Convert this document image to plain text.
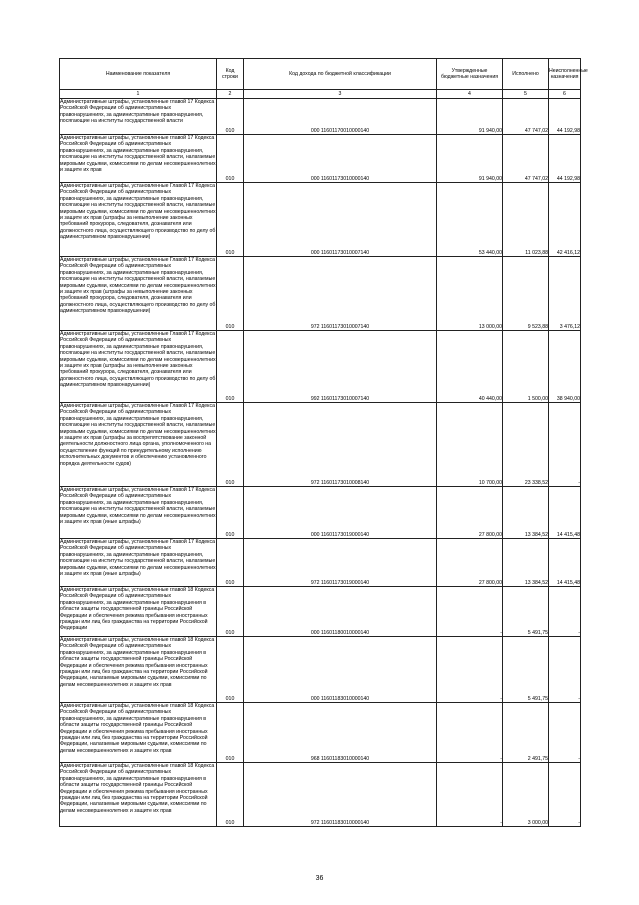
Наименование показателя	Код строки	Код дохода по бюджетной классификации	Утвержденные бюджетные назначения	Исполнено	Неисполненные назначения
1	2	3	4	5	6
Административные штрафы, установленные главой 17 Кодекса Российской Федерации об административных правонарушениях, за административные правонарушения, посягающие на институты государственной власти	010	000 11601170010000140	91 940,00	47 747,02	44 192,98
Административные штрафы, установленные главой 17 Кодекса Российской Федерации об административных правонарушениях, за административные правонарушения, посягающие на институты государственной власти, налагаемые мировыми судьями, комиссиями по делам несовершеннолетних и защите их прав	010	000 11601173010000140	91 940,00	47 747,02	44 192,98
Административные штрафы, установленные Главой 17 Кодекса Российской Федерации об административных правонарушениях, за административные правонарушения, посягающие на институты государственной власти, налагаемые мировыми судьями, комиссиями по делам несовершеннолетних и защите их прав (штрафы за невыполнение законных требований прокурора, следователя, дознавателя или должностного лица, осуществляющего производство по делу об административном правонарушении)	010	000 11601173010007140	53 440,00	11 023,88	42 416,12
Административные штрафы, установленные Главой 17 Кодекса Российской Федерации об административных правонарушениях, за административные правонарушения, посягающие на институты государственной власти, налагаемые мировыми судьями, комиссиями по делам несовершеннолетних и защите их прав (штрафы за невыполнение законных требований прокурора, следователя, дознавателя или должностного лица, осуществляющего производство по делу об административном правонарушении)	010	972 11601173010007140	13 000,00	9 523,88	3 476,12
Административные штрафы, установленные Главой 17 Кодекса Российской Федерации об административных правонарушениях, за административные правонарушения, посягающие на институты государственной власти, налагаемые мировыми судьями, комиссиями по делам несовершеннолетних и защите их прав (штрафы за невыполнение законных требований прокурора, следователя, дознавателя или должностного лица, осуществляющего производство по делу об административном правонарушении)	010	992 11601173010007140	40 440,00	1 500,00	38 940,00
Административные штрафы, установленные Главой 17 Кодекса Российской Федерации об административных правонарушениях, за административные правонарушения, посягающие на институты государственной власти, налагаемые мировыми судьями, комиссиями по делам несовершеннолетних и защите их прав (штрафы за воспрепятствование законной деятельности должностного лица органа, уполномоченного на осуществление функций по принудительному исполнению исполнительных документов и обеспечению установленного порядка деятельности судов)	010	972 11601173010008140	10 700,00	23 338,52	-
Административные штрафы, установленные Главой 17 Кодекса Российской Федерации об административных правонарушениях, за административные правонарушения, посягающие на институты государственной власти, налагаемые мировыми судьями, комиссиями по делам несовершеннолетних и защите их прав (иные штрафы)	010	000 11601173019000140	27 800,00	13 384,52	14 415,48
Административные штрафы, установленные Главой 17 Кодекса Российской Федерации об административных правонарушениях, за административные правонарушения, посягающие на институты государственной власти, налагаемые мировыми судьями, комиссиями по делам несовершеннолетних и защите их прав (иные штрафы)	010	972 11601173019000140	27 800,00	13 384,52	14 415,48
Административные штрафы, установленные главой 18 Кодекса Российской Федерации об административных правонарушениях, за административные правонарушения в области защиты государственной границы Российской Федерации и обеспечения режима пребывания иностранных граждан или лиц без гражданства на территории Российской Федерации	010	000 11601180010000140	-	5 491,75	-
Административные штрафы, установленные главой 18 Кодекса Российской Федерации об административных правонарушениях, за административные правонарушения в области защиты государственной границы Российской Федерации и обеспечения режима пребывания иностранных граждан или лиц без гражданства на территории Российской Федерации, налагаемые мировыми судьями, комиссиями по делам несовершеннолетних и защите их прав	010	000 11601183010000140	-	5 491,75	-
Административные штрафы, установленные главой 18 Кодекса Российской Федерации об административных правонарушениях, за административные правонарушения в области защиты государственной границы Российской Федерации и обеспечения режима пребывания иностранных граждан или лиц без гражданства на территории Российской Федерации, налагаемые мировыми судьями, комиссиями по делам несовершеннолетних и защите их прав	010	968 11601183010000140	-	2 491,75	-
Административные штрафы, установленные главой 18 Кодекса Российской Федерации об административных правонарушениях, за административные правонарушения в области защиты государственной границы Российской Федерации и обеспечения режима пребывания иностранных граждан или лиц без гражданства на территории Российской Федерации, налагаемые мировыми судьями, комиссиями по делам несовершеннолетних и защите их прав	010	972 11601183010000140	-	3 000,00	-
36
